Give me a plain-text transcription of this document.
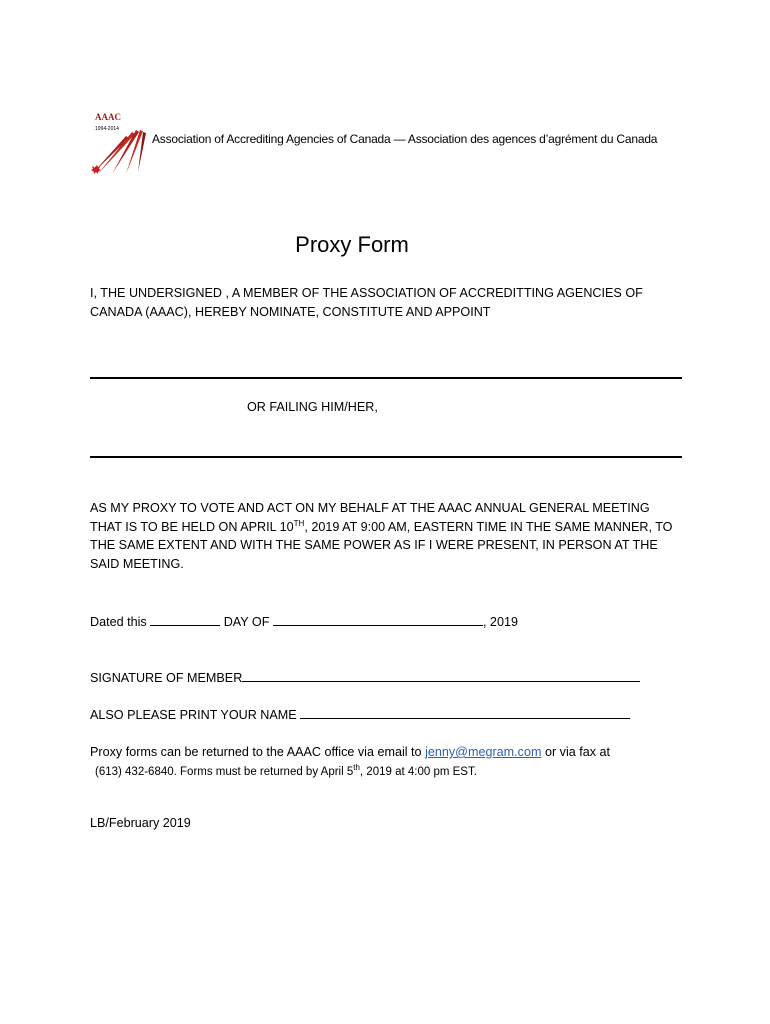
AAAC
1994-2014
Association of Accrediting Agencies of Canada — Association des agences d’agrément du Canada
Proxy Form
I, THE UNDERSIGNED , A MEMBER OF THE ASSOCIATION OF ACCREDITTING AGENCIES OF CANADA (AAAC), HEREBY NOMINATE, CONSTITUTE AND APPOINT
OR FAILING HIM/HER,
AS MY PROXY TO VOTE AND ACT ON MY BEHALF AT THE AAAC ANNUAL GENERAL MEETING THAT IS TO BE HELD ON APRIL 10TH, 2019 AT 9:00 AM, EASTERN TIME IN THE SAME MANNER, TO THE SAME EXTENT AND WITH THE SAME POWER AS IF I WERE PRESENT, IN PERSON AT THE SAID MEETING.
Dated this	DAY OF	, 2019
SIGNATURE OF MEMBER
ALSO PLEASE PRINT YOUR NAME
Proxy forms can be returned to the AAAC office via email to jenny@megram.com or via fax at
(613) 432-6840. Forms must be returned by April 5th, 2019 at 4:00 pm EST.
LB/February 2019
